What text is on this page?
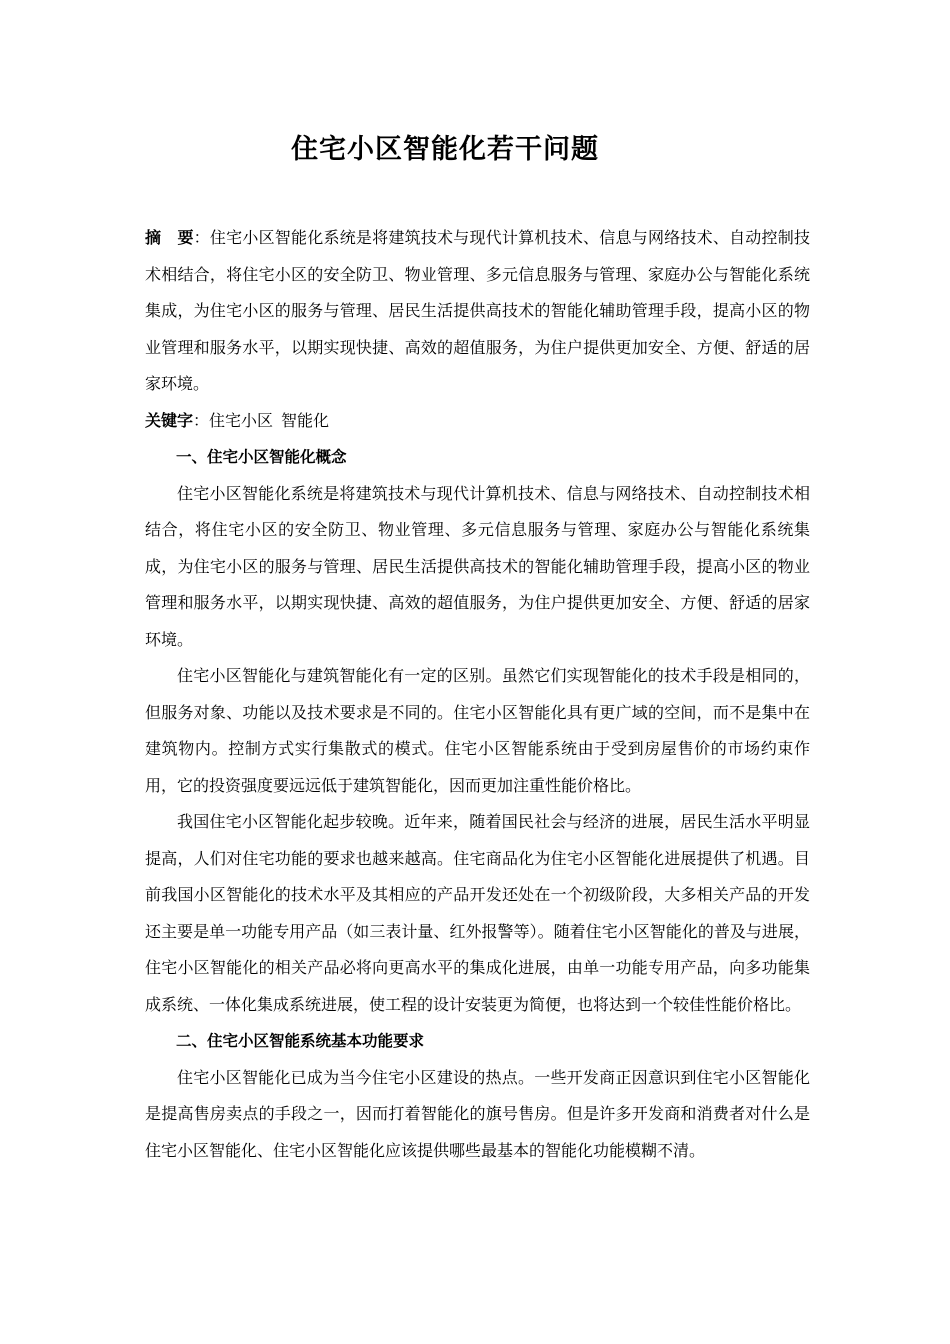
住宅小区智能化若干问题

摘　要：住宅小区智能化系统是将建筑技术与现代计算机技术、信息与网络技术、自动控制技术相结合，将住宅小区的安全防卫、物业管理、多元信息服务与管理、家庭办公与智能化系统集成，为住宅小区的服务与管理、居民生活提供高技术的智能化辅助管理手段，提高小区的物业管理和服务水平，以期实现快捷、高效的超值服务，为住户提供更加安全、方便、舒适的居家环境。

关键字：住宅小区 智能化

一、住宅小区智能化概念

住宅小区智能化系统是将建筑技术与现代计算机技术、信息与网络技术、自动控制技术相结合，将住宅小区的安全防卫、物业管理、多元信息服务与管理、家庭办公与智能化系统集成，为住宅小区的服务与管理、居民生活提供高技术的智能化辅助管理手段，提高小区的物业管理和服务水平，以期实现快捷、高效的超值服务，为住户提供更加安全、方便、舒适的居家环境。

住宅小区智能化与建筑智能化有一定的区别。虽然它们实现智能化的技术手段是相同的，但服务对象、功能以及技术要求是不同的。住宅小区智能化具有更广域的空间，而不是集中在建筑物内。控制方式实行集散式的模式。住宅小区智能系统由于受到房屋售价的市场约束作用，它的投资强度要远远低于建筑智能化，因而更加注重性能价格比。

我国住宅小区智能化起步较晚。近年来，随着国民社会与经济的进展，居民生活水平明显提高，人们对住宅功能的要求也越来越高。住宅商品化为住宅小区智能化进展提供了机遇。目前我国小区智能化的技术水平及其相应的产品开发还处在一个初级阶段，大多相关产品的开发还主要是单一功能专用产品（如三表计量、红外报警等）。随着住宅小区智能化的普及与进展，住宅小区智能化的相关产品必将向更高水平的集成化进展，由单一功能专用产品，向多功能集成系统、一体化集成系统进展，使工程的设计安装更为简便，也将达到一个较佳性能价格比。

二、住宅小区智能系统基本功能要求

住宅小区智能化已成为当今住宅小区建设的热点。一些开发商正因意识到住宅小区智能化是提高售房卖点的手段之一，因而打着智能化的旗号售房。但是许多开发商和消费者对什么是住宅小区智能化、住宅小区智能化应该提供哪些最基本的智能化功能模糊不清。
